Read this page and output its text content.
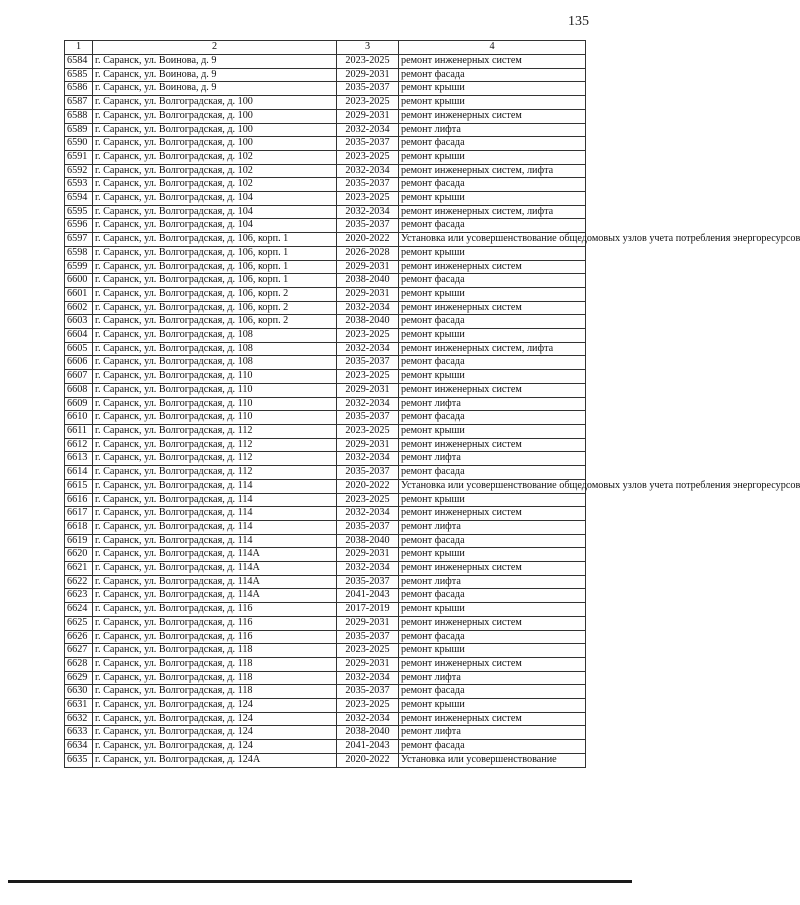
135
1	2	3	4
6584	г. Саранск, ул. Воинова, д. 9	2023-2025	ремонт инженерных систем
6585	г. Саранск, ул. Воинова, д. 9	2029-2031	ремонт фасада
6586	г. Саранск, ул. Воинова, д. 9	2035-2037	ремонт крыши
6587	г. Саранск, ул. Волгоградская, д. 100	2023-2025	ремонт крыши
6588	г. Саранск, ул. Волгоградская, д. 100	2029-2031	ремонт инженерных систем
6589	г. Саранск, ул. Волгоградская, д. 100	2032-2034	ремонт лифта
6590	г. Саранск, ул. Волгоградская, д. 100	2035-2037	ремонт фасада
6591	г. Саранск, ул. Волгоградская, д. 102	2023-2025	ремонт крыши
6592	г. Саранск, ул. Волгоградская, д. 102	2032-2034	ремонт инженерных систем, лифта
6593	г. Саранск, ул. Волгоградская, д. 102	2035-2037	ремонт фасада
6594	г. Саранск, ул. Волгоградская, д. 104	2023-2025	ремонт крыши
6595	г. Саранск, ул. Волгоградская, д. 104	2032-2034	ремонт инженерных систем, лифта
6596	г. Саранск, ул. Волгоградская, д. 104	2035-2037	ремонт фасада
6597	г. Саранск, ул. Волгоградская, д. 106, корп. 1	2020-2022	Установка или усовершенствование общедомовых узлов учета потребления энергоресурсов
6598	г. Саранск, ул. Волгоградская, д. 106, корп. 1	2026-2028	ремонт крыши
6599	г. Саранск, ул. Волгоградская, д. 106, корп. 1	2029-2031	ремонт инженерных систем
6600	г. Саранск, ул. Волгоградская, д. 106, корп. 1	2038-2040	ремонт фасада
6601	г. Саранск, ул. Волгоградская, д. 106, корп. 2	2029-2031	ремонт крыши
6602	г. Саранск, ул. Волгоградская, д. 106, корп. 2	2032-2034	ремонт инженерных систем
6603	г. Саранск, ул. Волгоградская, д. 106, корп. 2	2038-2040	ремонт фасада
6604	г. Саранск, ул. Волгоградская, д. 108	2023-2025	ремонт крыши
6605	г. Саранск, ул. Волгоградская, д. 108	2032-2034	ремонт инженерных систем, лифта
6606	г. Саранск, ул. Волгоградская, д. 108	2035-2037	ремонт фасада
6607	г. Саранск, ул. Волгоградская, д. 110	2023-2025	ремонт крыши
6608	г. Саранск, ул. Волгоградская, д. 110	2029-2031	ремонт инженерных систем
6609	г. Саранск, ул. Волгоградская, д. 110	2032-2034	ремонт лифта
6610	г. Саранск, ул. Волгоградская, д. 110	2035-2037	ремонт фасада
6611	г. Саранск, ул. Волгоградская, д. 112	2023-2025	ремонт крыши
6612	г. Саранск, ул. Волгоградская, д. 112	2029-2031	ремонт инженерных систем
6613	г. Саранск, ул. Волгоградская, д. 112	2032-2034	ремонт лифта
6614	г. Саранск, ул. Волгоградская, д. 112	2035-2037	ремонт фасада
6615	г. Саранск, ул. Волгоградская, д. 114	2020-2022	Установка или усовершенствование общедомовых узлов учета потребления энергоресурсов
6616	г. Саранск, ул. Волгоградская, д. 114	2023-2025	ремонт крыши
6617	г. Саранск, ул. Волгоградская, д. 114	2032-2034	ремонт инженерных систем
6618	г. Саранск, ул. Волгоградская, д. 114	2035-2037	ремонт лифта
6619	г. Саранск, ул. Волгоградская, д. 114	2038-2040	ремонт фасада
6620	г. Саранск, ул. Волгоградская, д. 114А	2029-2031	ремонт крыши
6621	г. Саранск, ул. Волгоградская, д. 114А	2032-2034	ремонт инженерных систем
6622	г. Саранск, ул. Волгоградская, д. 114А	2035-2037	ремонт лифта
6623	г. Саранск, ул. Волгоградская, д. 114А	2041-2043	ремонт фасада
6624	г. Саранск, ул. Волгоградская, д. 116	2017-2019	ремонт крыши
6625	г. Саранск, ул. Волгоградская, д. 116	2029-2031	ремонт инженерных систем
6626	г. Саранск, ул. Волгоградская, д. 116	2035-2037	ремонт фасада
6627	г. Саранск, ул. Волгоградская, д. 118	2023-2025	ремонт крыши
6628	г. Саранск, ул. Волгоградская, д. 118	2029-2031	ремонт инженерных систем
6629	г. Саранск, ул. Волгоградская, д. 118	2032-2034	ремонт лифта
6630	г. Саранск, ул. Волгоградская, д. 118	2035-2037	ремонт фасада
6631	г. Саранск, ул. Волгоградская, д. 124	2023-2025	ремонт крыши
6632	г. Саранск, ул. Волгоградская, д. 124	2032-2034	ремонт инженерных систем
6633	г. Саранск, ул. Волгоградская, д. 124	2038-2040	ремонт лифта
6634	г. Саранск, ул. Волгоградская, д. 124	2041-2043	ремонт фасада
6635	г. Саранск, ул. Волгоградская, д. 124А	2020-2022	Установка или усовершенствование
